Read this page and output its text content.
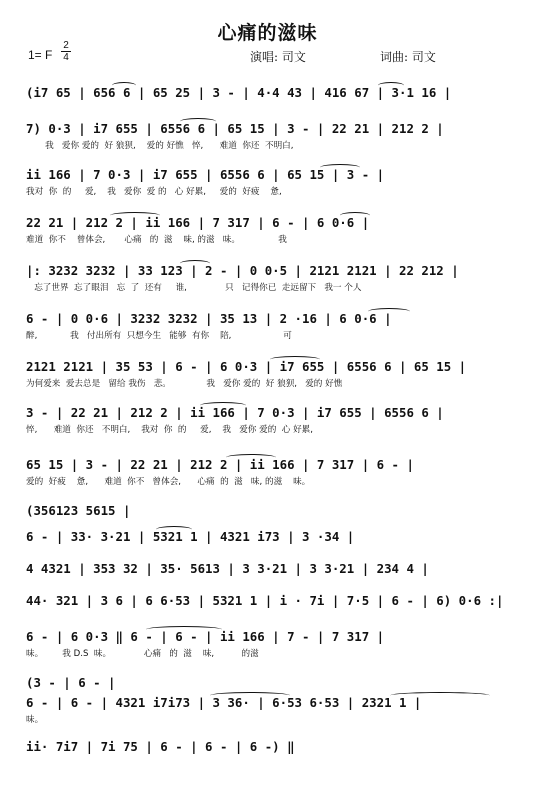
心痛的滋味
1= F
2
4	演唱: 司文	词曲: 司文
(i7 65 | 656 6 | 65 25 | 3 - | 4·4 43 | 416 67 | 3·1 16 |
7) 0·3 | i7 655 | 6556 6 | 65 15 | 3 - | 22 21 | 212 2 |
我   爱你 爱的  好 狼狈,    爱的 好憔   悴,      难道  你还  不明白,
ii 166 | 7 0·3 | i7 655 | 6556 6 | 65 15 | 3 - |
我对  你  的     爱,    我   爱你  爱 的   心 好累,     爱的  好疲    惫,
22 21 | 212 2 | ii 166 | 7 317 | 6 - | 6 0·6 |
难道  你不    曾体会,       心痛   的  滋    味, 的滋   味。              我
|: 3232 3232 | 33 123 | 2 - | 0 0·5 | 2121 2121 | 22 212 |
忘了世界  忘了眼泪   忘  了  还有     谁,              只   记得你已  走远留下   我一 个人
6 - | 0 0·6 | 3232 3232 | 35 13 | 2 ·16 | 6 0·6 |
醉,            我   付出所有  只想今生   能够  有你    陪,                   可
2121 2121 | 35 53 | 6 - | 6 0·3 | i7 655 | 6556 6 | 65 15 |
为何爱来  爱去总是   留给 我伤   悲。             我   爱你 爱的  好 狼狈,   爱的 好憔
3 - | 22 21 | 212 2 | ii 166 | 7 0·3 | i7 655 | 6556 6 |
悴,      难道  你还   不明白,    我对  你  的     爱,    我   爱你 爱的  心 好累,
65 15 | 3 - | 22 21 | 212 2 | ii 166 | 7 317 | 6 - |
爱的  好疲    惫,      难道  你不   曾体会,      心痛  的  滋   味, 的滋    味。
(356123 5615 |
6 - | 33· 3·21 | 5321 1 | 4321 i73 | 3 ·34 |
4 4321 | 353 32 | 35· 5613 | 3 3·21 | 3 3·21 | 234 4 |
44· 321 | 3 6 | 6 6·53 | 5321 1 | i · 7i | 7·5 | 6 - | 6) 0·6 :|
6 - | 6 0·3 ‖ 6 - | 6 - | ii 166 | 7 - | 7 317 |
味。       我 D.S  味。            心痛   的  滋    味,          的滋
(3 - | 6 - |
6 - | 6 - | 4321 i7i73 | 3 36· | 6·53 6·53 | 2321 1 |
味。
ii· 7i7 | 7i 75 | 6 - | 6 - | 6 -) ‖
